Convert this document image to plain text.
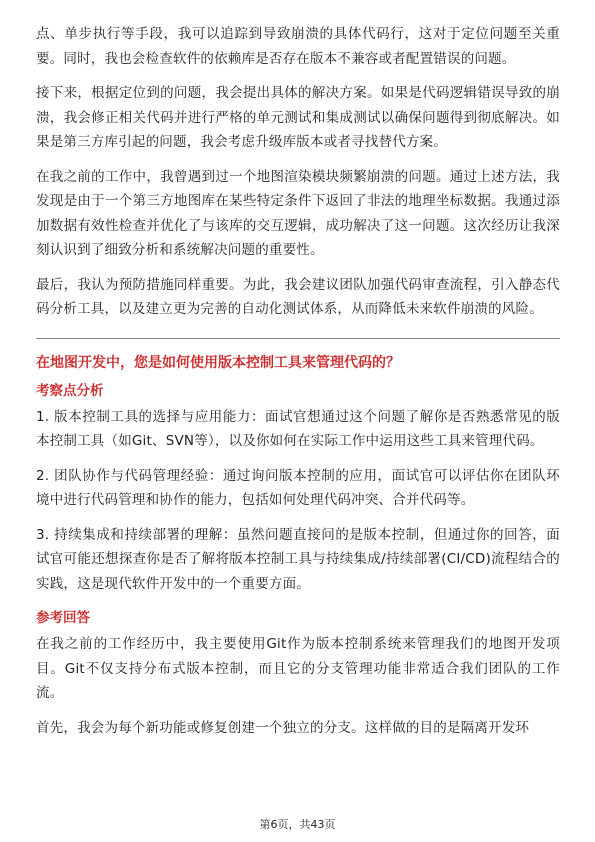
点、单步执行等手段，我可以追踪到导致崩溃的具体代码行，这对于定位问题至关重要。同时，我也会检查软件的依赖库是否存在版本不兼容或者配置错误的问题。

接下来，根据定位到的问题，我会提出具体的解决方案。如果是代码逻辑错误导致的崩溃，我会修正相关代码并进行严格的单元测试和集成测试以确保问题得到彻底解决。如果是第三方库引起的问题，我会考虑升级库版本或者寻找替代方案。

在我之前的工作中，我曾遇到过一个地图渲染模块频繁崩溃的问题。通过上述方法，我发现是由于一个第三方地图库在某些特定条件下返回了非法的地理坐标数据。我通过添加数据有效性检查并优化了与该库的交互逻辑，成功解决了这一问题。这次经历让我深刻认识到了细致分析和系统解决问题的重要性。

最后，我认为预防措施同样重要。为此，我会建议团队加强代码审查流程，引入静态代码分析工具，以及建立更为完善的自动化测试体系，从而降低未来软件崩溃的风险。

在地图开发中，您是如何使用版本控制工具来管理代码的？

考察点分析

1. 版本控制工具的选择与应用能力：面试官想通过这个问题了解你是否熟悉常见的版本控制工具（如Git、SVN等），以及你如何在实际工作中运用这些工具来管理代码。

2. 团队协作与代码管理经验：通过询问版本控制的应用，面试官可以评估你在团队环境中进行代码管理和协作的能力，包括如何处理代码冲突、合并代码等。

3. 持续集成和持续部署的理解：虽然问题直接问的是版本控制，但通过你的回答，面试官可能还想探查你是否了解将版本控制工具与持续集成/持续部署(CI/CD)流程结合的实践，这是现代软件开发中的一个重要方面。

参考回答

在我之前的工作经历中，我主要使用Git作为版本控制系统来管理我们的地图开发项目。Git不仅支持分布式版本控制，而且它的分支管理功能非常适合我们团队的工作流。

首先，我会为每个新功能或修复创建一个独立的分支。这样做的目的是隔离开发环

第6页，共43页
